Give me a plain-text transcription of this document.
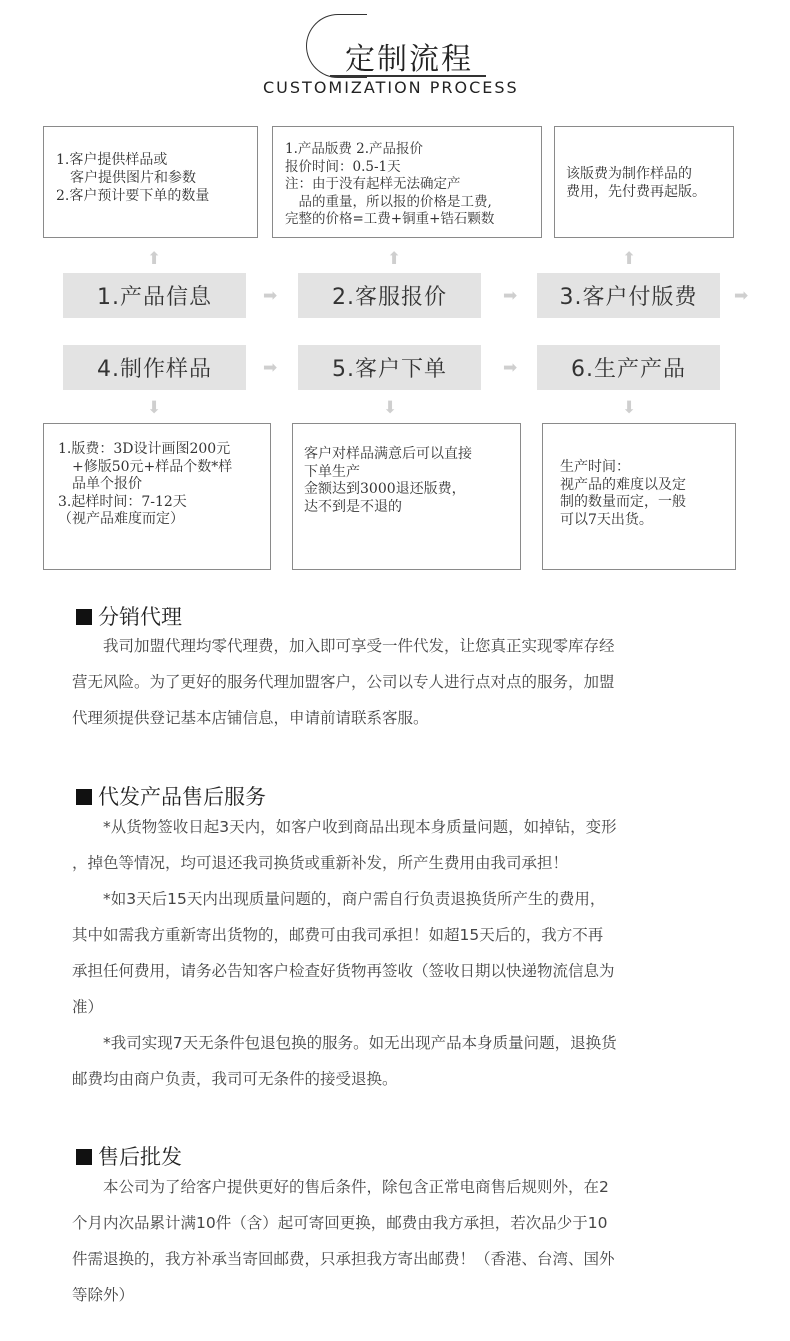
定制流程
CUSTOMIZATION PROCESS
1.客户提供样品或
　客户提供图片和参数
2.客户预计要下单的数量
1.产品版费 2.产品报价
报价时间：0.5-1天
注：由于没有起样无法确定产
　品的重量，所以报的价格是工费,
完整的价格=工费+铜重+锆石颗数
该版费为制作样品的
费用，先付费再起版。
⬆	⬆	⬆
1.产品信息	➡	2.客服报价	➡	3.客户付版费	➡
4.制作样品	➡	5.客户下单	➡	6.生产产品
⬇	⬇	⬇
1.版费：3D设计画图200元
　+修版50元+样品个数*样
　品单个报价
3.起样时间：7-12天
（视产品难度而定）
客户对样品满意后可以直接
下单生产
金额达到3000退还版费，
达不到是不退的
生产时间：
视产品的难度以及定
制的数量而定，一般
可以7天出货。
分销代理
　　我司加盟代理均零代理费，加入即可享受一件代发，让您真正实现零库存经
营无风险。为了更好的服务代理加盟客户，公司以专人进行点对点的服务，加盟
代理须提供登记基本店铺信息，申请前请联系客服。
代发产品售后服务
　　*从货物签收日起3天内，如客户收到商品出现本身质量问题，如掉钻，变形
，掉色等情况，均可退还我司换货或重新补发，所产生费用由我司承担！
　　*如3天后15天内出现质量问题的，商户需自行负责退换货所产生的费用，
其中如需我方重新寄出货物的，邮费可由我司承担！如超15天后的，我方不再
承担任何费用，请务必告知客户检查好货物再签收（签收日期以快递物流信息为
准）
　　*我司实现7天无条件包退包换的服务。如无出现产品本身质量问题，退换货
邮费均由商户负责，我司可无条件的接受退换。
售后批发
　　本公司为了给客户提供更好的售后条件，除包含正常电商售后规则外，在2
个月内次品累计满10件（含）起可寄回更换，邮费由我方承担，若次品少于10
件需退换的，我方补承当寄回邮费，只承担我方寄出邮费！（香港、台湾、国外
等除外）
